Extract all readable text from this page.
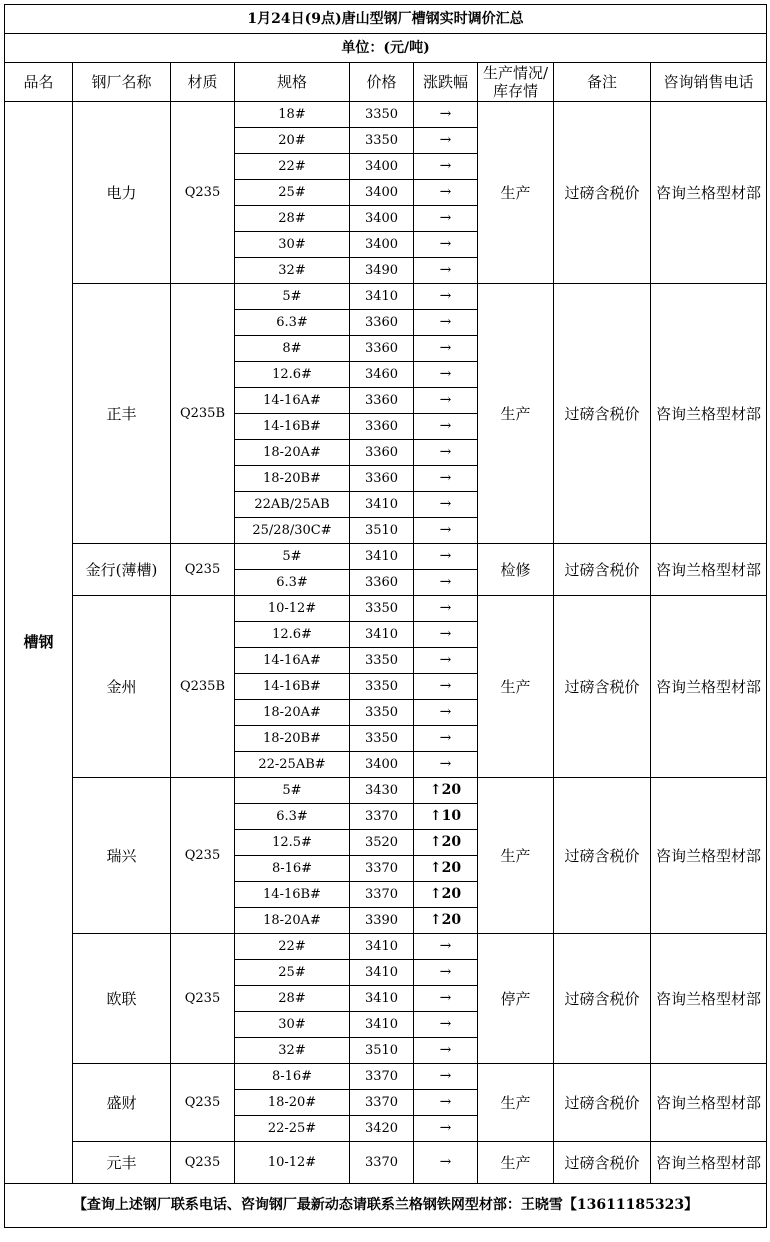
1月24日(9点)唐山型钢厂槽钢实时调价汇总								
单位：(元/吨)								
品名	钢厂名称	材质	规格	价格	涨跌幅	生产情况/库存情	备注	咨询销售电话
槽钢	电力	Q235	18#	3350	→	生产	过磅含税价	咨询兰格型材部
			20#	3350	→			
			22#	3400	→			
			25#	3400	→			
			28#	3400	→			
			30#	3400	→			
			32#	3490	→			
	正丰	Q235B	5#	3410	→	生产	过磅含税价	咨询兰格型材部
			6.3#	3360	→			
			8#	3360	→			
			12.6#	3460	→			
			14-16A#	3360	→			
			14-16B#	3360	→			
			18-20A#	3360	→			
			18-20B#	3360	→			
			22AB/25AB	3410	→			
			25/28/30C#	3510	→			
	金行(薄槽)	Q235	5#	3410	→	检修	过磅含税价	咨询兰格型材部
			6.3#	3360	→			
	金州	Q235B	10-12#	3350	→	生产	过磅含税价	咨询兰格型材部
			12.6#	3410	→			
			14-16A#	3350	→			
			14-16B#	3350	→			
			18-20A#	3350	→			
			18-20B#	3350	→			
			22-25AB#	3400	→			
	瑞兴	Q235	5#	3430	↑20	生产	过磅含税价	咨询兰格型材部
			6.3#	3370	↑10			
			12.5#	3520	↑20			
			8-16#	3370	↑20			
			14-16B#	3370	↑20			
			18-20A#	3390	↑20			
	欧联	Q235	22#	3410	→	停产	过磅含税价	咨询兰格型材部
			25#	3410	→			
			28#	3410	→			
			30#	3410	→			
			32#	3510	→			
	盛财	Q235	8-16#	3370	→	生产	过磅含税价	咨询兰格型材部
			18-20#	3370	→			
			22-25#	3420	→			
	元丰	Q235	10-12#	3370	→	生产	过磅含税价	咨询兰格型材部
【查询上述钢厂联系电话、咨询钢厂最新动态请联系兰格钢铁网型材部：王晓雪【13611185323】								
